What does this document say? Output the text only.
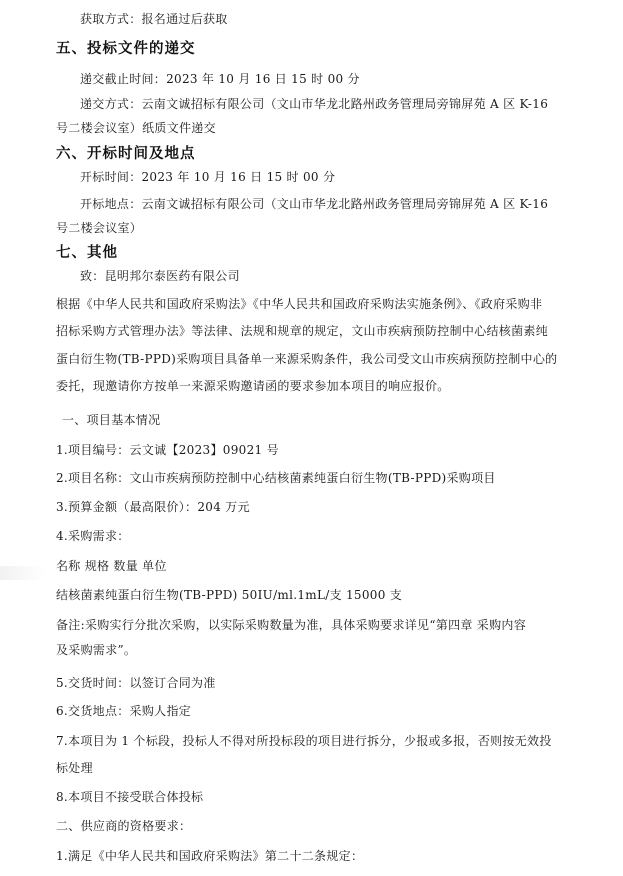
获取方式：报名通过后获取
五、投标文件的递交
递交截止时间：2023 年 10 月 16 日 15 时 00 分
递交方式：云南文诚招标有限公司（文山市华龙北路州政务管理局旁锦屏苑 A 区 K-16
号二楼会议室）纸质文件递交
六、开标时间及地点
开标时间：2023 年 10 月 16 日 15 时 00 分
开标地点：云南文诚招标有限公司（文山市华龙北路州政务管理局旁锦屏苑 A 区 K-16
号二楼会议室）
七、其他
致：昆明邦尔泰医药有限公司
根据《中华人民共和国政府采购法》《中华人民共和国政府采购法实施条例》、《政府采购非
招标采购方式管理办法》等法律、法规和规章的规定，文山市疾病预防控制中心结核菌素纯
蛋白衍生物(TB-PPD)采购项目具备单一来源采购条件，我公司受文山市疾病预防控制中心的
委托，现邀请你方按单一来源采购邀请函的要求参加本项目的响应报价。
一、项目基本情况
1.项目编号：云文诚【2023】09021 号
2.项目名称：文山市疾病预防控制中心结核菌素纯蛋白衍生物(TB-PPD)采购项目
3.预算金额（最高限价）：204 万元
4.采购需求：
名称 规格 数量 单位
结核菌素纯蛋白衍生物(TB-PPD) 50IU/ml.1mL/支 15000 支
备注:采购实行分批次采购，以实际采购数量为准，具体采购要求详见“第四章 采购内容
及采购需求”。
5.交货时间：以签订合同为准
6.交货地点：采购人指定
7.本项目为 1 个标段，投标人不得对所投标段的项目进行拆分，少报或多报，否则按无效投
标处理
8.本项目不接受联合体投标
二、供应商的资格要求：
1.满足《中华人民共和国政府采购法》第二十二条规定：
